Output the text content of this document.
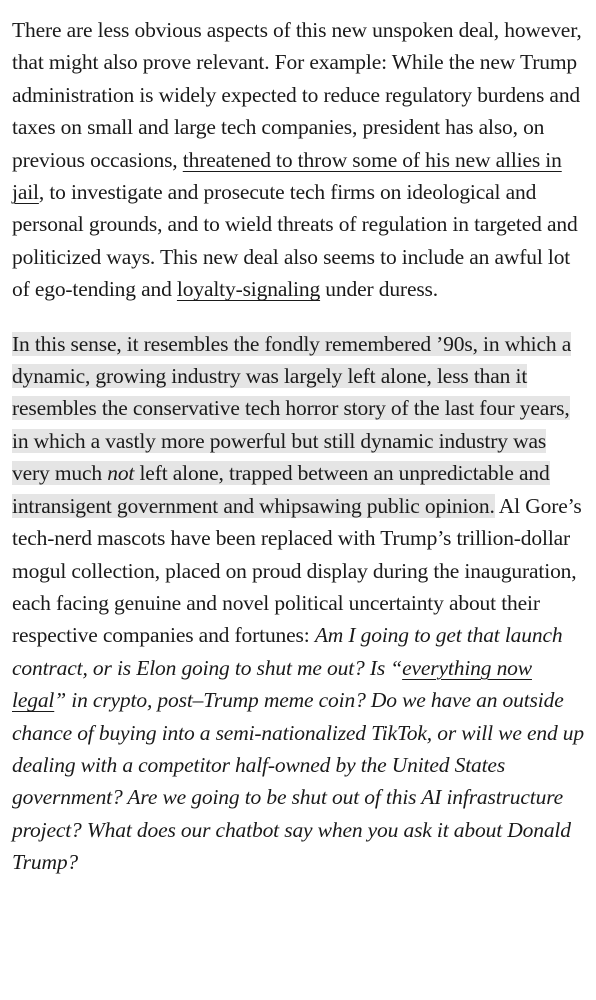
There are less obvious aspects of this new unspoken deal, however, that might also prove relevant. For example: While the new Trump administration is widely expected to reduce regulatory burdens and taxes on small and large tech companies, president has also, on previous occasions, threatened to throw some of his new allies in jail, to investigate and prosecute tech firms on ideological and personal grounds, and to wield threats of regulation in targeted and politicized ways. This new deal also seems to include an awful lot of ego-tending and loyalty-signaling under duress.

In this sense, it resembles the fondly remembered ’90s, in which a dynamic, growing industry was largely left alone, less than it resembles the conservative tech horror story of the last four years, in which a vastly more powerful but still dynamic industry was very much not left alone, trapped between an unpredictable and intransigent government and whipsawing public opinion. Al Gore’s tech-nerd mascots have been replaced with Trump’s trillion-dollar mogul collection, placed on proud display during the inauguration, each facing genuine and novel political uncertainty about their respective companies and fortunes: Am I going to get that launch contract, or is Elon going to shut me out? Is “everything now legal” in crypto, post–Trump meme coin? Do we have an outside chance of buying into a semi-nationalized TikTok, or will we end up dealing with a competitor half-owned by the United States government? Are we going to be shut out of this AI infrastructure project? What does our chatbot say when you ask it about Donald Trump?
